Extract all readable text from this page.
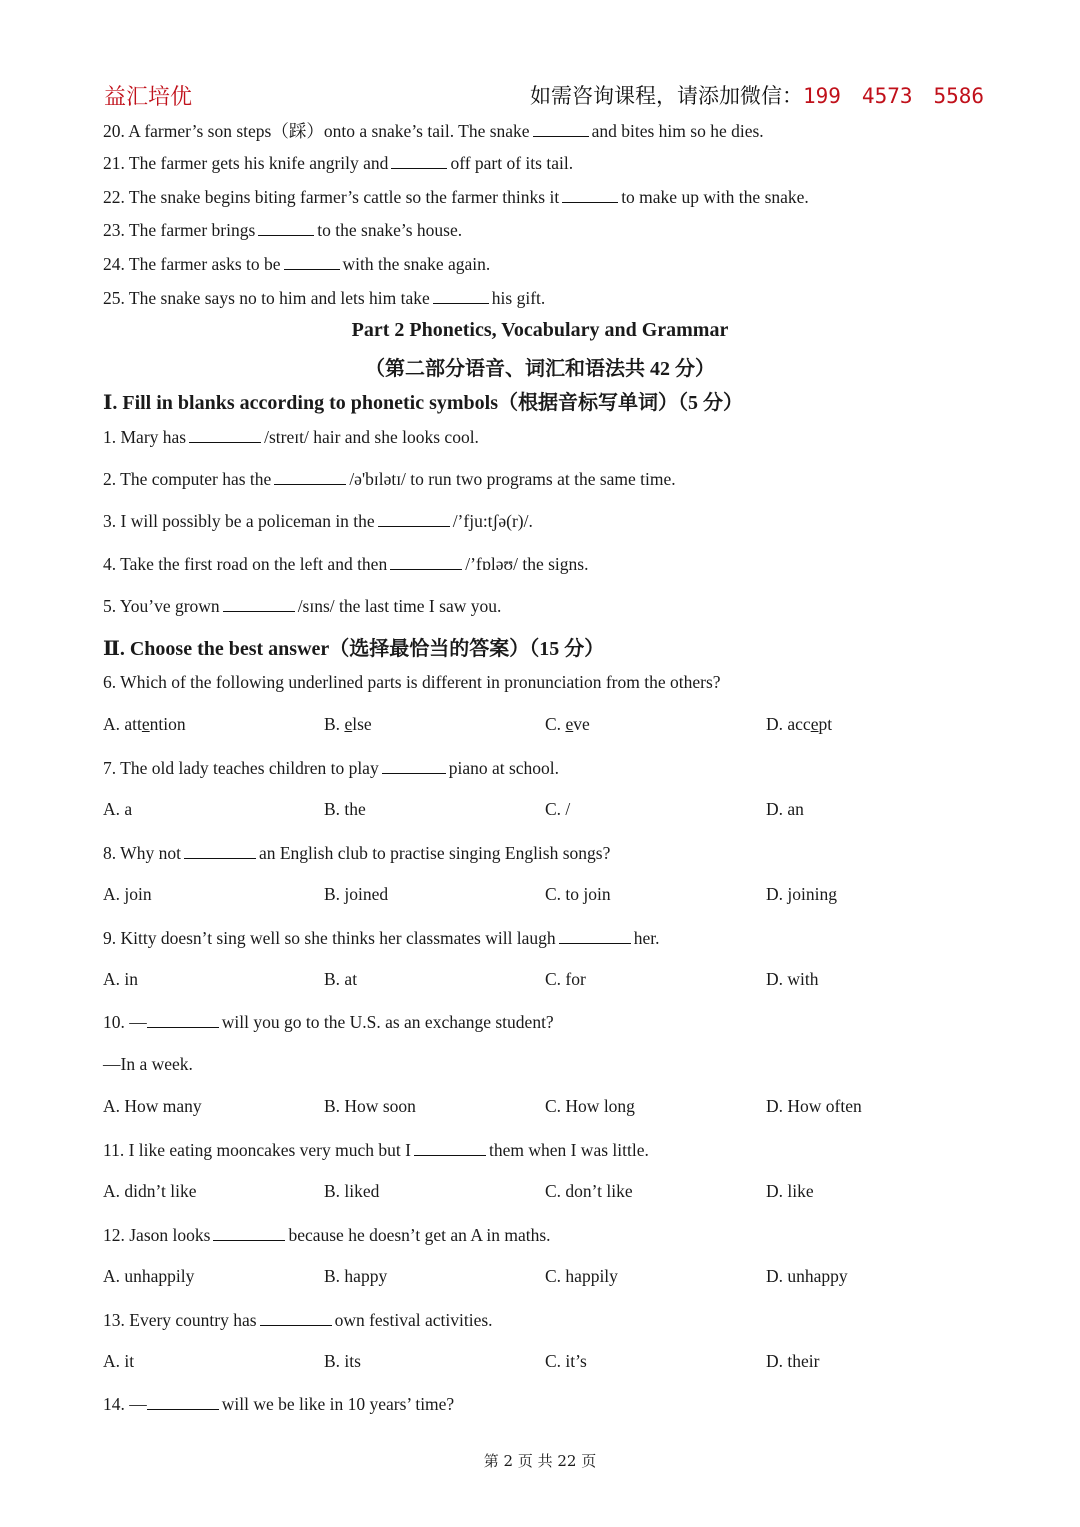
益汇培优	如需咨询课程，请添加微信：199　4573　5586
20. A farmer’s son steps（踩）onto a snake’s tail. The snake	and bites him so he dies.
21. The farmer gets his knife angrily and	off part of its tail.
22. The snake begins biting farmer’s cattle so the farmer thinks it	to make up with the snake.
23. The farmer brings	to the snake’s house.
24. The farmer asks to be	with the snake again.
25. The snake says no to him and lets him take	his gift.
Part 2 Phonetics, Vocabulary and Grammar
（第二部分语音、词汇和语法共 42 分）
Ⅰ. Fill in blanks according to phonetic symbols（根据音标写单词）（5 分）
1. Mary has	/streɪt/ hair and she looks cool.
2. The computer has the	/ə'bɪlətɪ/ to run two programs at the same time.
3. I will possibly be a policeman in the	/’fju:tʃə(r)/.
4. Take the first road on the left and then	/’fɒləʊ/ the signs.
5. You’ve grown	/sɪns/ the last time I saw you.
Ⅱ. Choose the best answer（选择最恰当的答案）（15 分）
6. Which of the following underlined parts is different in pronunciation from the others?
A. attention	B. else	C. eve	D. accept
7. The old lady teaches children to play	piano at school.
A. a	B. the	C. /	D. an
8. Why not	an English club to practise singing English songs?
A. join	B. joined	C. to join	D. joining
9. Kitty doesn’t sing well so she thinks her classmates will laugh	her.
A. in	B. at	C. for	D. with
10. —	will you go to the U.S. as an exchange student?
—In a week.
A. How many	B. How soon	C. How long	D. How often
11. I like eating mooncakes very much but I	them when I was little.
A. didn’t like	B. liked	C. don’t like	D. like
12. Jason looks	because he doesn’t get an A in maths.
A. unhappily	B. happy	C. happily	D. unhappy
13. Every country has	own festival activities.
A. it	B. its	C. it’s	D. their
14. —	will we be like in 10 years’ time?
第 2 页 共 22 页
